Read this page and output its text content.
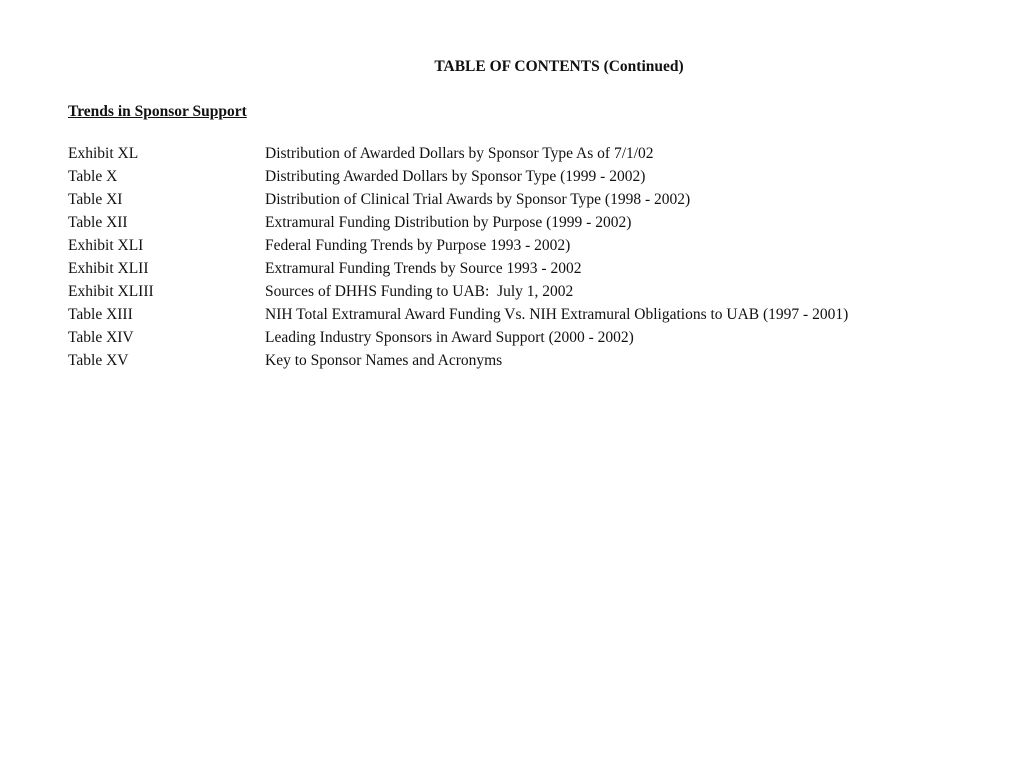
TABLE OF CONTENTS (Continued)
Trends in Sponsor Support
Exhibit XL	Distribution of Awarded Dollars by Sponsor Type As of 7/1/02
Table X	Distributing Awarded Dollars by Sponsor Type (1999 - 2002)
Table XI	Distribution of Clinical Trial Awards by Sponsor Type (1998 - 2002)
Table XII	Extramural Funding Distribution by Purpose (1999 - 2002)
Exhibit XLI	Federal Funding Trends by Purpose 1993 - 2002)
Exhibit XLII	Extramural Funding Trends by Source 1993 - 2002
Exhibit XLIII	Sources of DHHS Funding to UAB:  July 1, 2002
Table XIII	NIH Total Extramural Award Funding Vs. NIH Extramural Obligations to UAB (1997 - 2001)
Table XIV	Leading Industry Sponsors in Award Support (2000 - 2002)
Table XV	Key to Sponsor Names and Acronyms
